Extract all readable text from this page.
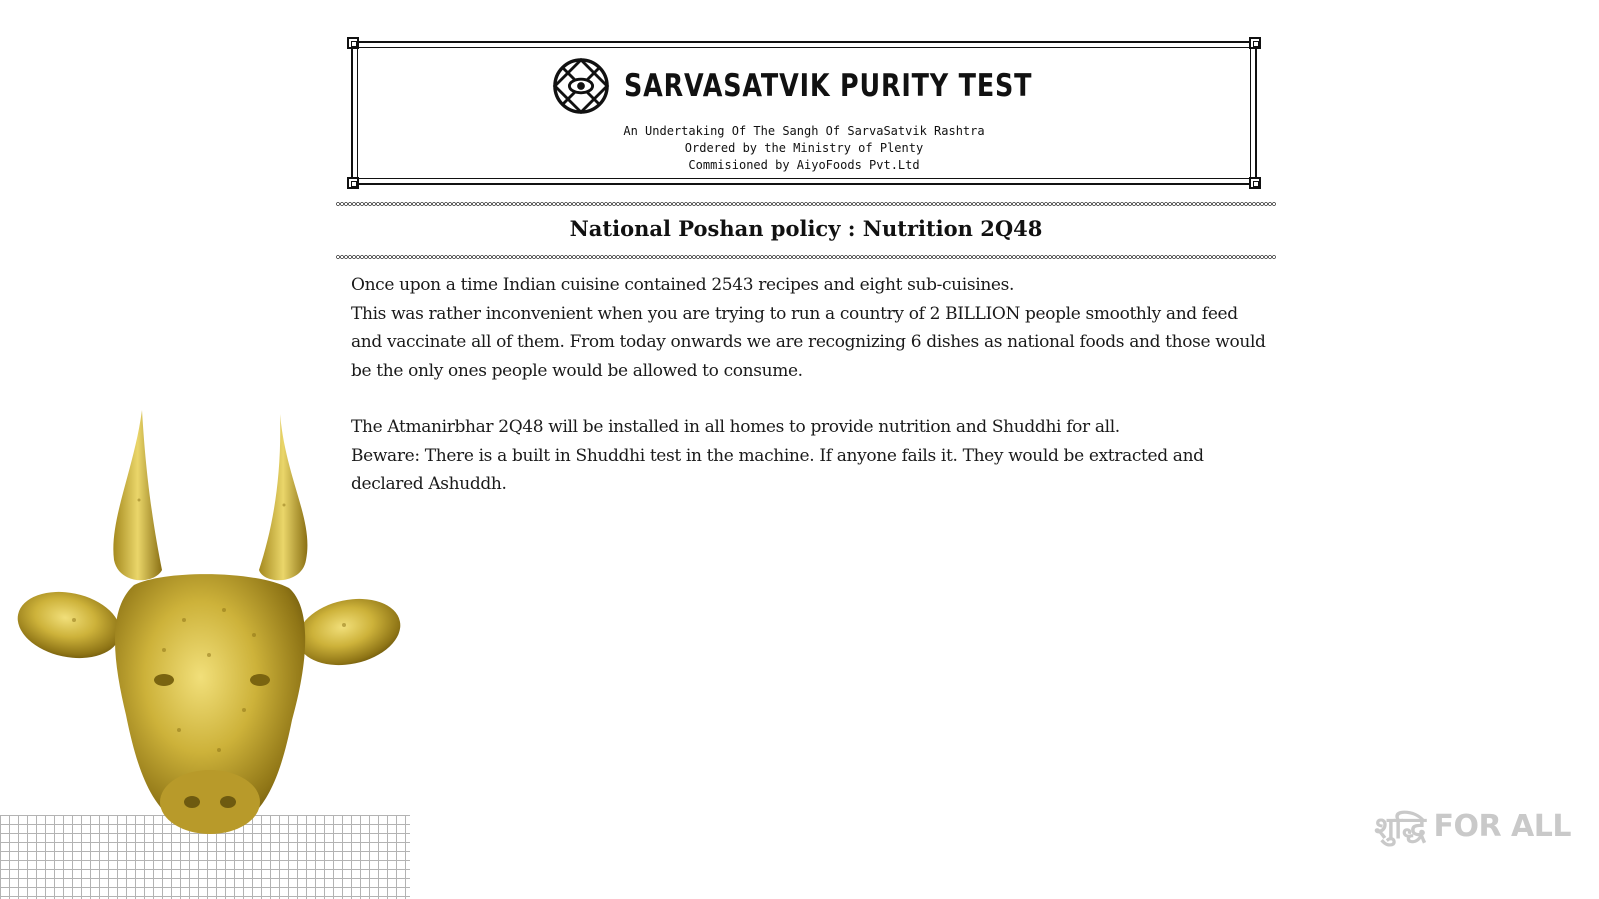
SARVASATVIK PURITY TEST
An Undertaking Of The Sangh Of SarvaSatvik Rashtra
Ordered by the Ministry of Plenty
Commisioned by AiyoFoods Pvt.Ltd
National Poshan policy : Nutrition 2Q48

Once upon a time Indian cuisine contained 2543 recipes and eight sub-cuisines.

This was rather inconvenient when you are trying to run a country of 2 BILLION people smoothly and feed and vaccinate all of them. From today onwards we are recognizing 6 dishes as national foods and those would be the only ones people would be allowed to consume.

The Atmanirbhar 2Q48 will be installed in all homes to provide nutrition and Shuddhi for all.

Beware: There is a built in Shuddhi test in the machine. If anyone fails it. They would be extracted and declared Ashuddh.

शुद्धि FOR ALL
